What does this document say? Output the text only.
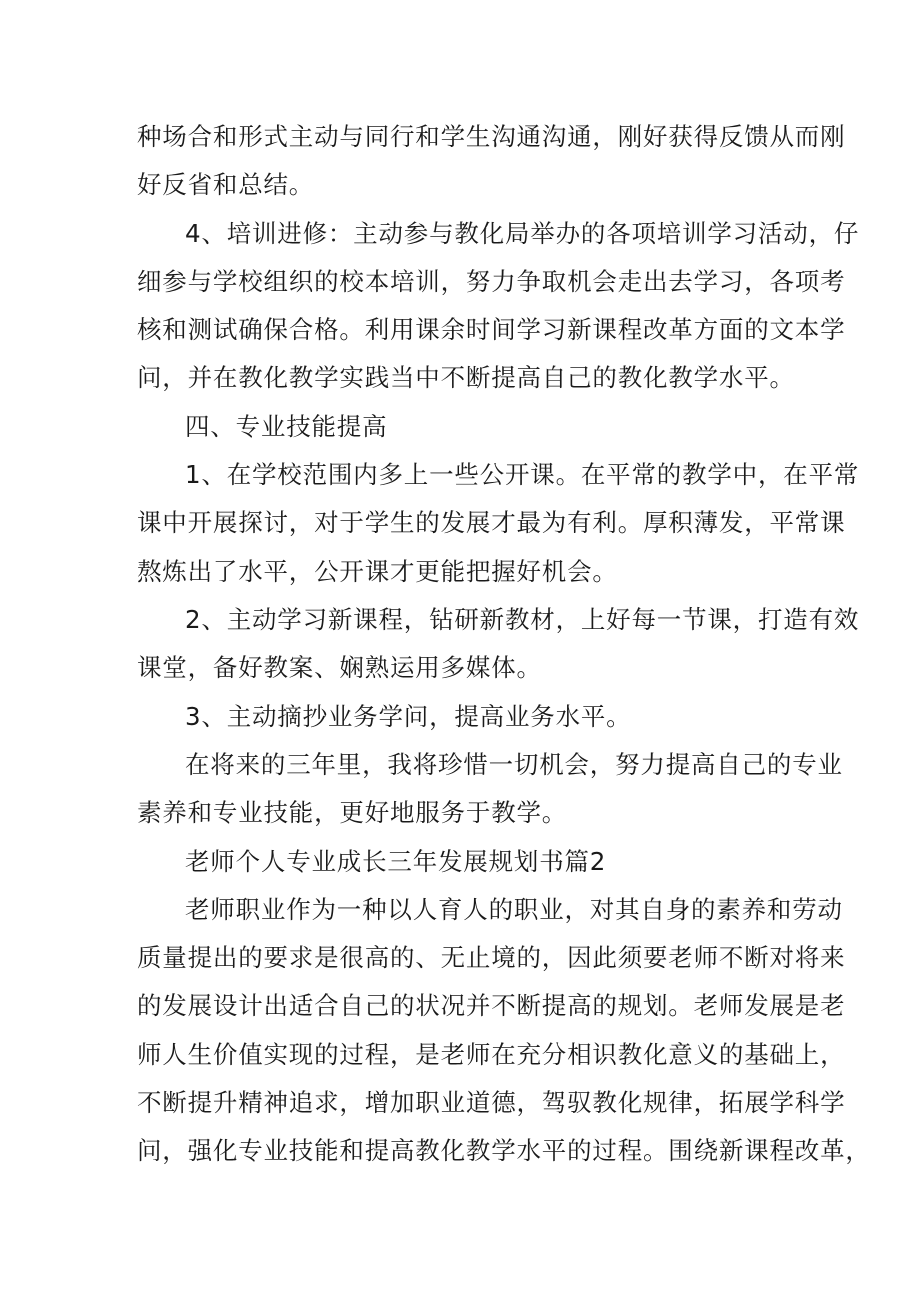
种场合和形式主动与同行和学生沟通沟通，刚好获得反馈从而刚
好反省和总结。
4、培训进修：主动参与教化局举办的各项培训学习活动，仔
细参与学校组织的校本培训，努力争取机会走出去学习，各项考
核和测试确保合格。利用课余时间学习新课程改革方面的文本学
问，并在教化教学实践当中不断提高自己的教化教学水平。
四、专业技能提高
1、在学校范围内多上一些公开课。在平常的教学中，在平常
课中开展探讨，对于学生的发展才最为有利。厚积薄发，平常课
熬炼出了水平，公开课才更能把握好机会。
2、主动学习新课程，钻研新教材，上好每一节课，打造有效
课堂，备好教案、娴熟运用多媒体。
3、主动摘抄业务学问，提高业务水平。
在将来的三年里，我将珍惜一切机会，努力提高自己的专业
素养和专业技能，更好地服务于教学。
老师个人专业成长三年发展规划书篇2
老师职业作为一种以人育人的职业，对其自身的素养和劳动
质量提出的要求是很高的、无止境的，因此须要老师不断对将来
的发展设计出适合自己的状况并不断提高的规划。老师发展是老
师人生价值实现的过程，是老师在充分相识教化意义的基础上，
不断提升精神追求，增加职业道德，驾驭教化规律，拓展学科学
问，强化专业技能和提高教化教学水平的过程。围绕新课程改革，
